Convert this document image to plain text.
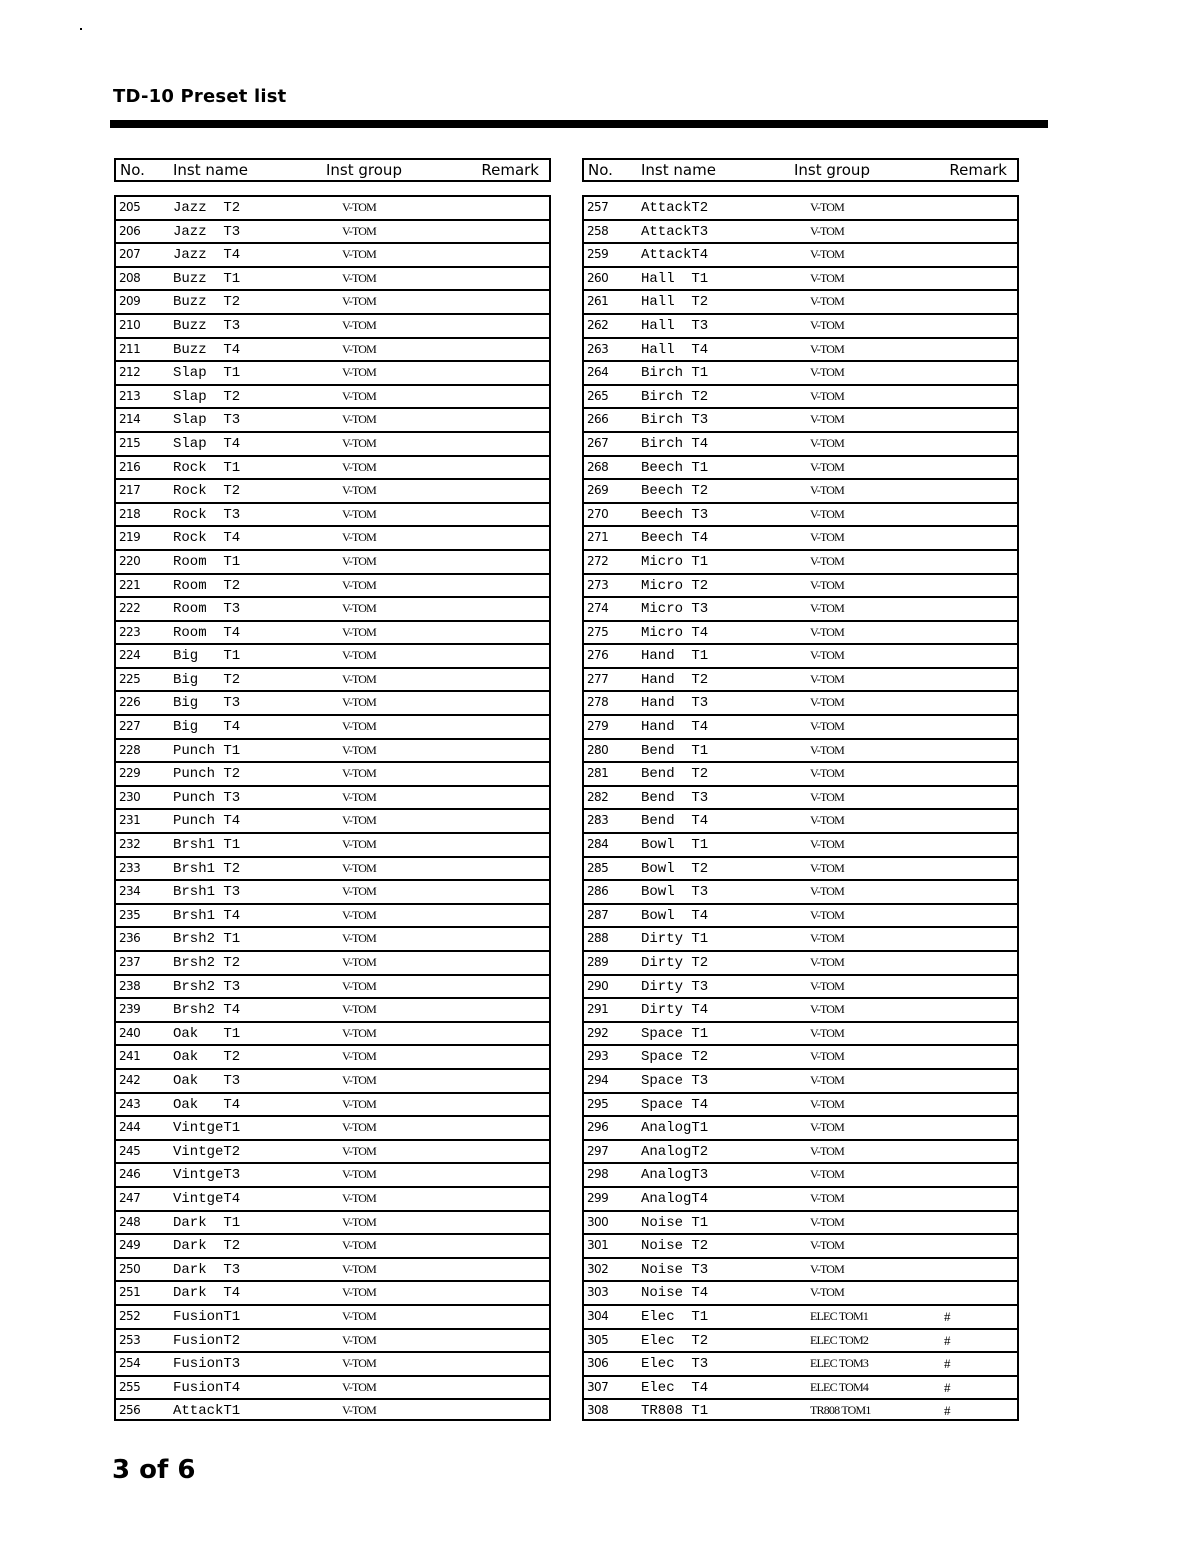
TD-10 Preset list
No. Inst name	Inst group	Remark
205 Jazz  T2	V-TOM
206 Jazz  T3	V-TOM
207 Jazz  T4	V-TOM
208 Buzz  T1	V-TOM
209 Buzz  T2	V-TOM
210 Buzz  T3	V-TOM
211 Buzz  T4	V-TOM
212 Slap  T1	V-TOM
213 Slap  T2	V-TOM
214 Slap  T3	V-TOM
215 Slap  T4	V-TOM
216 Rock  T1	V-TOM
217 Rock  T2	V-TOM
218 Rock  T3	V-TOM
219 Rock  T4	V-TOM
220 Room  T1	V-TOM
221 Room  T2	V-TOM
222 Room  T3	V-TOM
223 Room  T4	V-TOM
224 Big   T1	V-TOM
225 Big   T2	V-TOM
226 Big   T3	V-TOM
227 Big   T4	V-TOM
228 Punch T1	V-TOM
229 Punch T2	V-TOM
230 Punch T3	V-TOM
231 Punch T4	V-TOM
232 Brsh1 T1	V-TOM
233 Brsh1 T2	V-TOM
234 Brsh1 T3	V-TOM
235 Brsh1 T4	V-TOM
236 Brsh2 T1	V-TOM
237 Brsh2 T2	V-TOM
238 Brsh2 T3	V-TOM
239 Brsh2 T4	V-TOM
240 Oak   T1	V-TOM
241 Oak   T2	V-TOM
242 Oak   T3	V-TOM
243 Oak   T4	V-TOM
244 VintgeT1	V-TOM
245 VintgeT2	V-TOM
246 VintgeT3	V-TOM
247 VintgeT4	V-TOM
248 Dark  T1	V-TOM
249 Dark  T2	V-TOM
250 Dark  T3	V-TOM
251 Dark  T4	V-TOM
252 FusionT1	V-TOM
253 FusionT2	V-TOM
254 FusionT3	V-TOM
255 FusionT4	V-TOM
256 AttackT1	V-TOM
No. Inst name	Inst group	Remark
257 AttackT2	V-TOM
258 AttackT3	V-TOM
259 AttackT4	V-TOM
260 Hall  T1	V-TOM
261 Hall  T2	V-TOM
262 Hall  T3	V-TOM
263 Hall  T4	V-TOM
264 Birch T1	V-TOM
265 Birch T2	V-TOM
266 Birch T3	V-TOM
267 Birch T4	V-TOM
268 Beech T1	V-TOM
269 Beech T2	V-TOM
270 Beech T3	V-TOM
271 Beech T4	V-TOM
272 Micro T1	V-TOM
273 Micro T2	V-TOM
274 Micro T3	V-TOM
275 Micro T4	V-TOM
276 Hand  T1	V-TOM
277 Hand  T2	V-TOM
278 Hand  T3	V-TOM
279 Hand  T4	V-TOM
280 Bend  T1	V-TOM
281 Bend  T2	V-TOM
282 Bend  T3	V-TOM
283 Bend  T4	V-TOM
284 Bowl  T1	V-TOM
285 Bowl  T2	V-TOM
286 Bowl  T3	V-TOM
287 Bowl  T4	V-TOM
288 Dirty T1	V-TOM
289 Dirty T2	V-TOM
290 Dirty T3	V-TOM
291 Dirty T4	V-TOM
292 Space T1	V-TOM
293 Space T2	V-TOM
294 Space T3	V-TOM
295 Space T4	V-TOM
296 AnalogT1	V-TOM
297 AnalogT2	V-TOM
298 AnalogT3	V-TOM
299 AnalogT4	V-TOM
300 Noise T1	V-TOM
301 Noise T2	V-TOM
302 Noise T3	V-TOM
303 Noise T4	V-TOM
304 Elec  T1	ELEC TOM1	#
305 Elec  T2	ELEC TOM2	#
306 Elec  T3	ELEC TOM3	#
307 Elec  T4	ELEC TOM4	#
308 TR808 T1	TR808 TOM1	#
3 of 6
